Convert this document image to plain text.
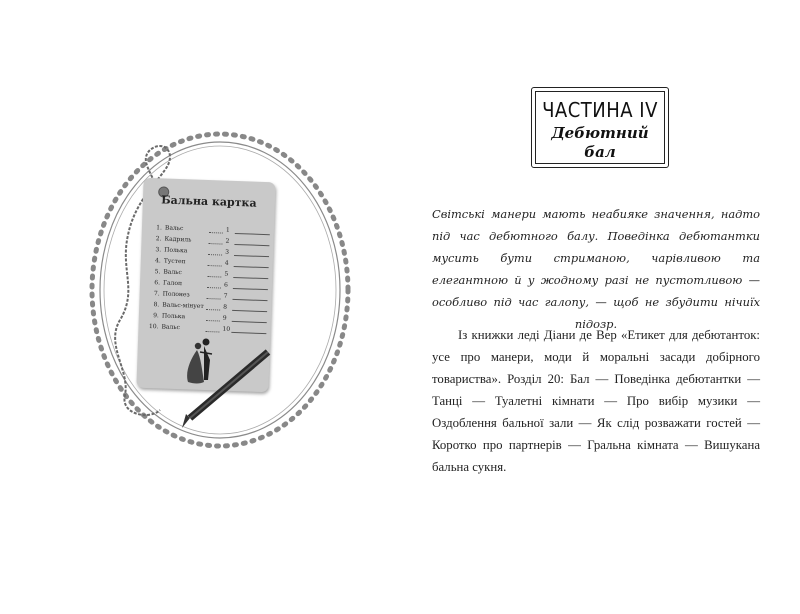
Бальна картка
1. Вальс	1
2. Кадриль	2
3. Полька	3
4. Тустеп	4
5. Вальс	5
6. Галоп	6
7. Полонез	7
8. Вальс-мінует	8
9. Полька	9
10. Вальс	10
ЧАСТИНА IV
Дебютний
бал

Світські манери мають неабияке значення, надто під час дебютного балу. Поведінка дебютантки мусить бути стриманою, чарівливою та елегантною й у жодному разі не пустотливою — особливо під час галопу, — щоб не збудити нічиїх підозр.

Із книжки леді Діани де Вер «Етикет для дебютанток: усе про манери, моди й моральні засади добірного товариства». Розділ 20: Бал — Поведінка дебютантки — Танці — Туалетні кімнати — Про вибір музики — Оздоблення бальної зали — Як слід розважати гостей — Коротко про партнерів — Гральна кімната — Вишукана бальна сукня.
